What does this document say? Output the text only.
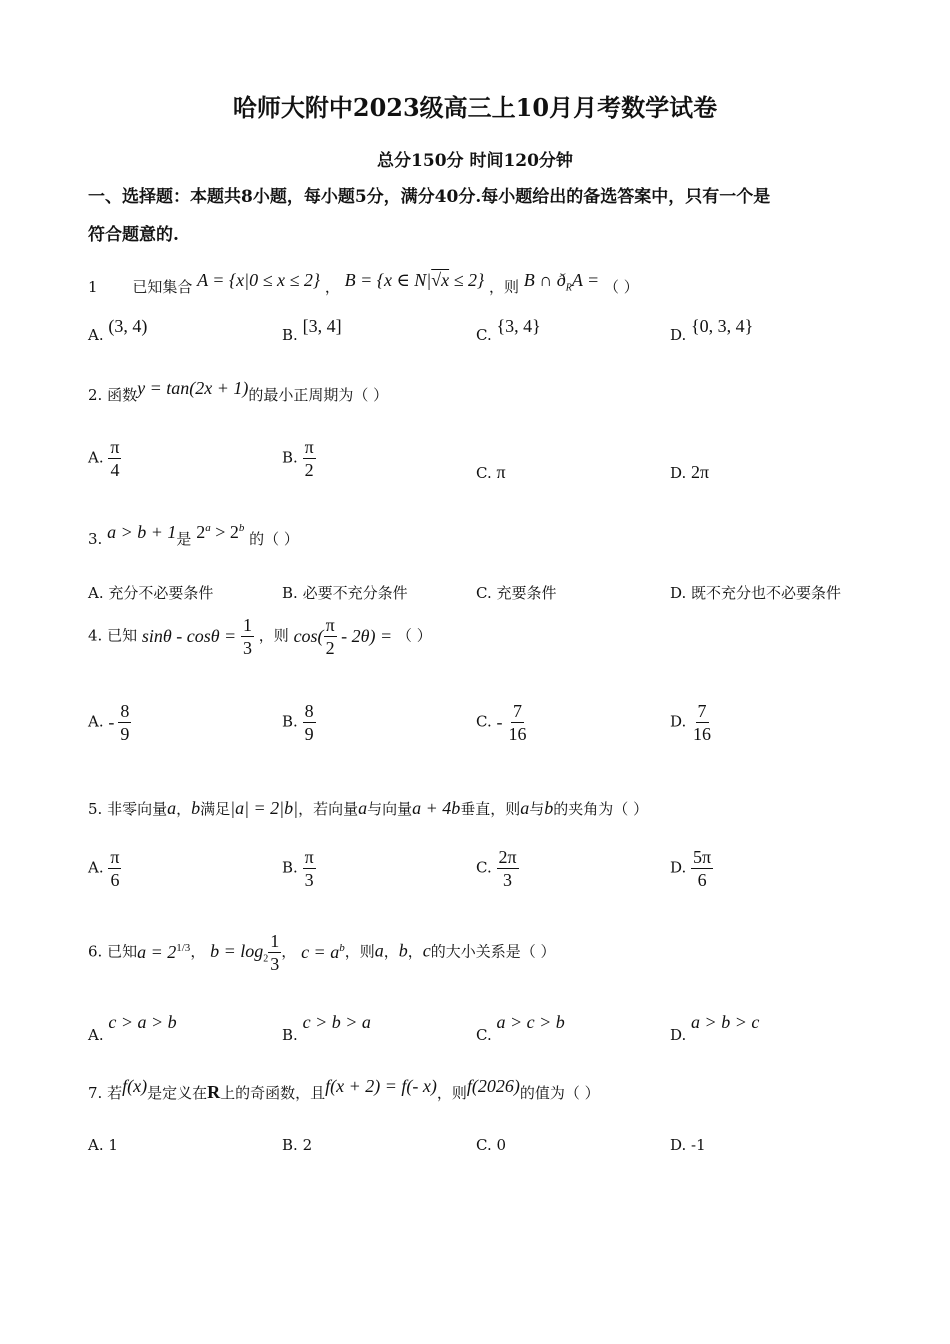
哈师大附中2023级高三上10月月考数学试卷
总分150分 时间120分钟
一、选择题：本题共8小题，每小题5分，满分40分.每小题给出的备选答案中，只有一个是
符合题意的.
1 已知集合 A = {x|0 ≤ x ≤ 2} ， B = {x ∈ N|√x ≤ 2} ，则 B ∩ $ð_RA$ = （ ）
A. (3, 4)	B. [3, 4]	C. {3, 4}	D. {0, 3, 4}
2. 函数y = tan(2x + 1)的最小正周期为（ ）
A. $\frac{\pi}{4}$	B. $\frac{\pi}{2}$	C. π	D. 2π
3. a > b + 1是 $2^a > 2^b$ 的（ ）
A. 充分不必要条件	B. 必要不充分条件	C. 充要条件	D. 既不充分也不必要条件
4. 已知 $\sin\theta - \cos\theta = \frac{1}{3}$ ，则 $\cos( \frac{\pi}{2} - 2\theta)$ = （ ）
A. - $\frac{8}{9}$	B. $\frac{8}{9}$	C. - $\frac{7}{16}$	D. $\frac{7}{16}$
5. 非零向量a，b满足|a| = 2|b|，若向量a与向量a + 4b垂直，则a与b的夹角为（ ）
A. $\frac{\pi}{6}$	B. $\frac{\pi}{3}$	C. $\frac{2\pi}{3}$	D. $\frac{5\pi}{6}$
6. 已知$a = 2^{1/3}$， $b = \log_2 \frac{1}{3}$ ， $c = a^b$，则a，b，c的大小关系是（ ）
A. c > a > b
B. c > b > a
C. a > c > b
D. a > b > c
7. 若f(x)是定义在R上的奇函数，且f(x + 2) = f(- x)，则f(2026)的值为（ ）
A. 1	B. 2	C. 0	D. -1
